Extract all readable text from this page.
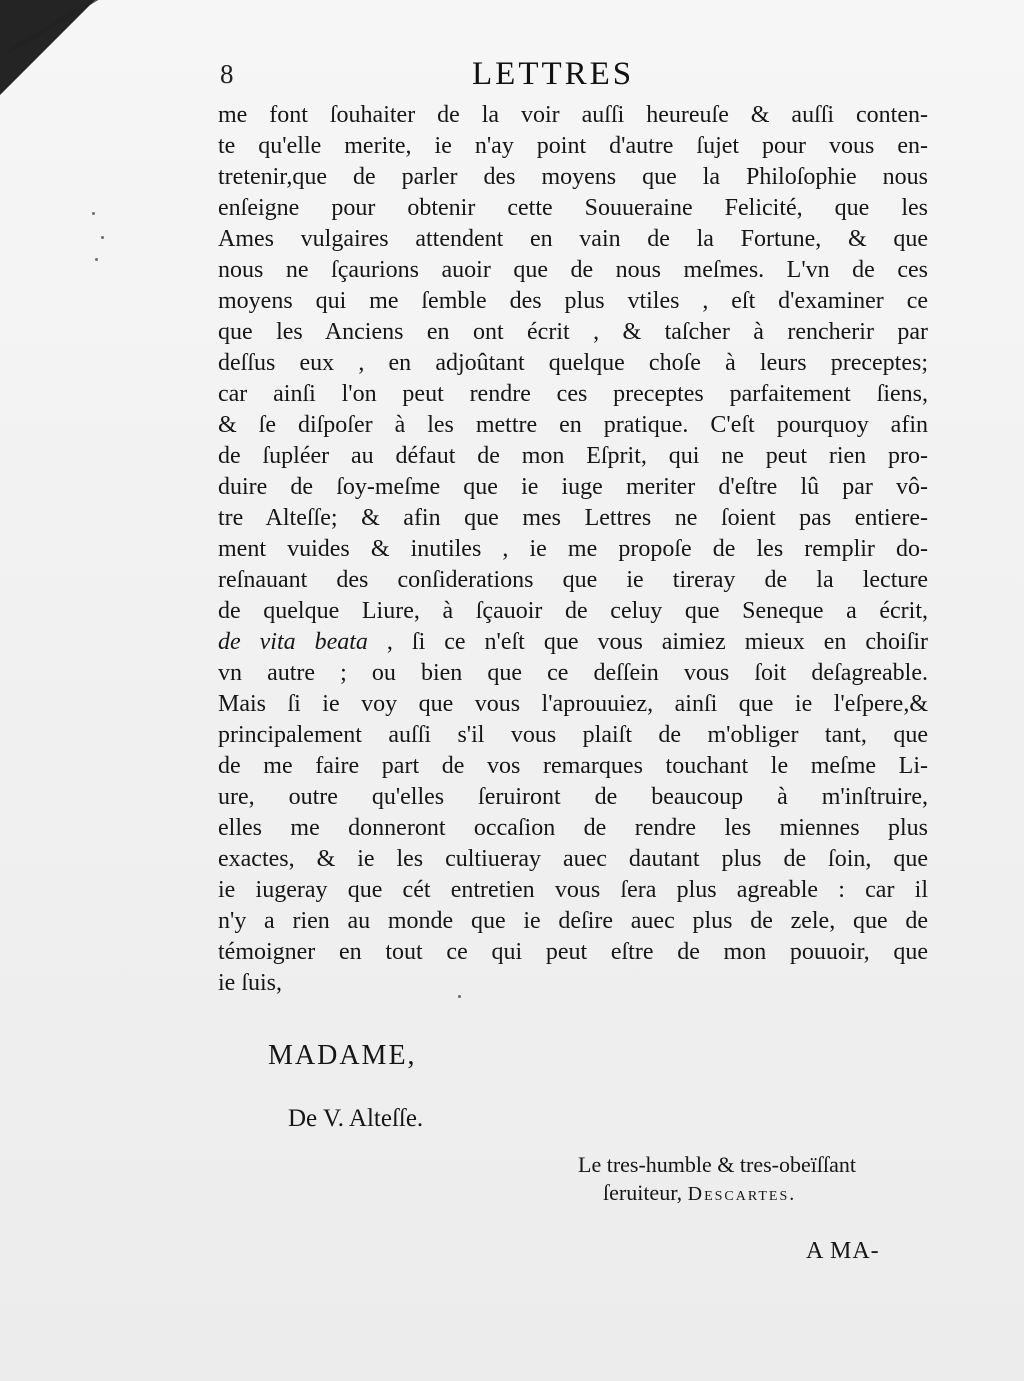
8	LETTRES
me font ſouhaiter de la voir auſſi heureuſe & auſſi conten-
te qu'elle merite, ie n'ay point d'autre ſujet pour vous en-
tretenir,que de parler des moyens que la Philoſophie nous
enſeigne pour obtenir cette Souueraine Felicité, que les
Ames vulgaires attendent en vain de la Fortune, & que
nous ne ſçaurions auoir que de nous meſmes. L'vn de ces
moyens qui me ſemble des plus vtiles , eſt d'examiner ce
que les Anciens en ont écrit , & taſcher à rencherir par
deſſus eux , en adjoûtant quelque choſe à leurs preceptes;
car ainſi l'on peut rendre ces preceptes parfaitement ſiens,
& ſe diſpoſer à les mettre en pratique. C'eſt pourquoy afin
de ſupléer au défaut de mon Eſprit, qui ne peut rien pro-
duire de ſoy-meſme que ie iuge meriter d'eſtre lû par vô-
tre Alteſſe; & afin que mes Lettres ne ſoient pas entiere-
ment vuides & inutiles , ie me propoſe de les remplir do-
reſnauant des conſiderations que ie tireray de la lecture
de quelque Liure, à ſçauoir de celuy que Seneque a écrit,
de vita beata , ſi ce n'eſt que vous aimiez mieux en choiſir
vn autre ; ou bien que ce deſſein vous ſoit deſagreable.
Mais ſi ie voy que vous l'aprouuiez, ainſi que ie l'eſpere,&
principalement auſſi s'il vous plaiſt de m'obliger tant, que
de me faire part de vos remarques touchant le meſme Li-
ure, outre qu'elles ſeruiront de beaucoup à m'inſtruire,
elles me donneront occaſion de rendre les miennes plus
exactes, & ie les cultiueray auec dautant plus de ſoin, que
ie iugeray que cét entretien vous ſera plus agreable : car il
n'y a rien au monde que ie deſire auec plus de zele, que de
témoigner en tout ce qui peut eſtre de mon pouuoir, que
ie ſuis,
MADAME,
De V. Alteſſe.
Le tres-humble & tres-obeïſſant
ſeruiteur, Descartes.
A MA-
